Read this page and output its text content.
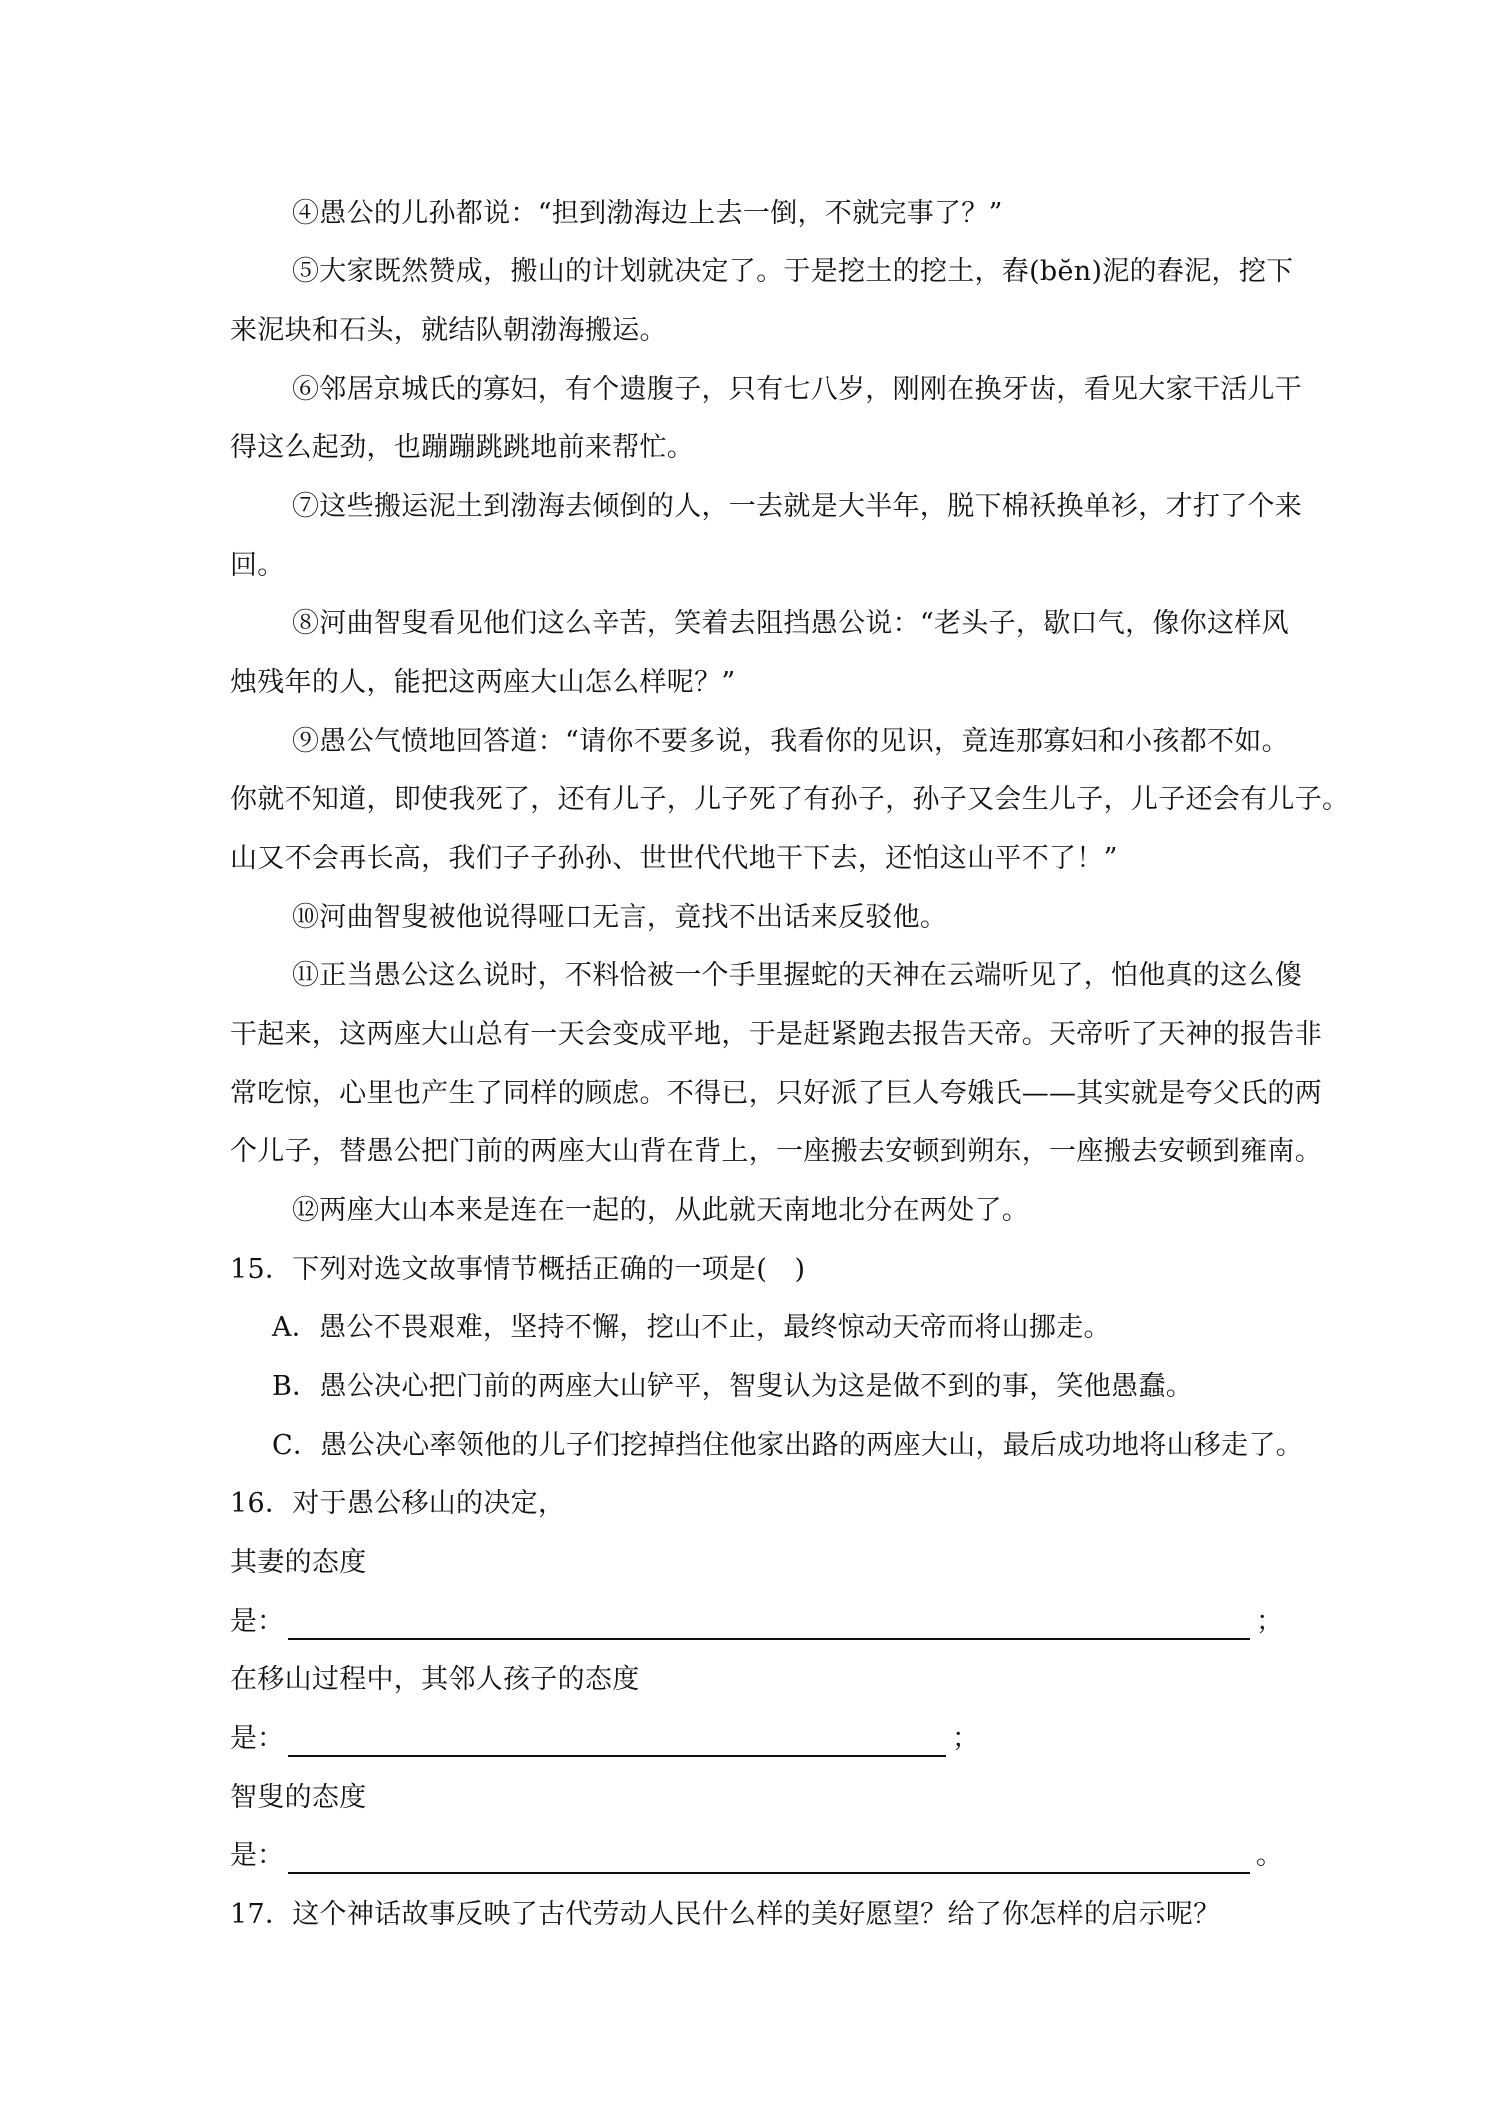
④愚公的儿孙都说：“担到渤海边上去一倒，不就完事了？”
⑤大家既然赞成，搬山的计划就决定了。于是挖土的挖土，舂(bĕn)泥的舂泥，挖下
来泥块和石头，就结队朝渤海搬运。
⑥邻居京城氏的寡妇，有个遗腹子，只有七八岁，刚刚在换牙齿，看见大家干活儿干
得这么起劲，也蹦蹦跳跳地前来帮忙。
⑦这些搬运泥土到渤海去倾倒的人，一去就是大半年，脱下棉袄换单衫，才打了个来
回。
⑧河曲智叟看见他们这么辛苦，笑着去阻挡愚公说：“老头子，歇口气，像你这样风
烛残年的人，能把这两座大山怎么样呢？”
⑨愚公气愤地回答道：“请你不要多说，我看你的见识，竟连那寡妇和小孩都不如。
你就不知道，即使我死了，还有儿子，儿子死了有孙子，孙子又会生儿子，儿子还会有儿子。
山又不会再长高，我们子子孙孙、世世代代地干下去，还怕这山平不了！”
⑩河曲智叟被他说得哑口无言，竟找不出话来反驳他。
⑪正当愚公这么说时，不料恰被一个手里握蛇的天神在云端听见了，怕他真的这么傻
干起来，这两座大山总有一天会变成平地，于是赶紧跑去报告天帝。天帝听了天神的报告非
常吃惊，心里也产生了同样的顾虑。不得已，只好派了巨人夸娥氏——其实就是夸父氏的两
个儿子，替愚公把门前的两座大山背在背上，一座搬去安顿到朔东，一座搬去安顿到雍南。
⑫两座大山本来是连在一起的，从此就天南地北分在两处了。
15．下列对选文故事情节概括正确的一项是(　)
A．愚公不畏艰难，坚持不懈，挖山不止，最终惊动天帝而将山挪走。
B．愚公决心把门前的两座大山铲平，智叟认为这是做不到的事，笑他愚蠢。
C．愚公决心率领他的儿子们挖掉挡住他家出路的两座大山，最后成功地将山移走了。
16．对于愚公移山的决定，
其妻的态度
是：	；
在移山过程中，其邻人孩子的态度
是：	；
智叟的态度
是：	。
17．这个神话故事反映了古代劳动人民什么样的美好愿望？给了你怎样的启示呢？
